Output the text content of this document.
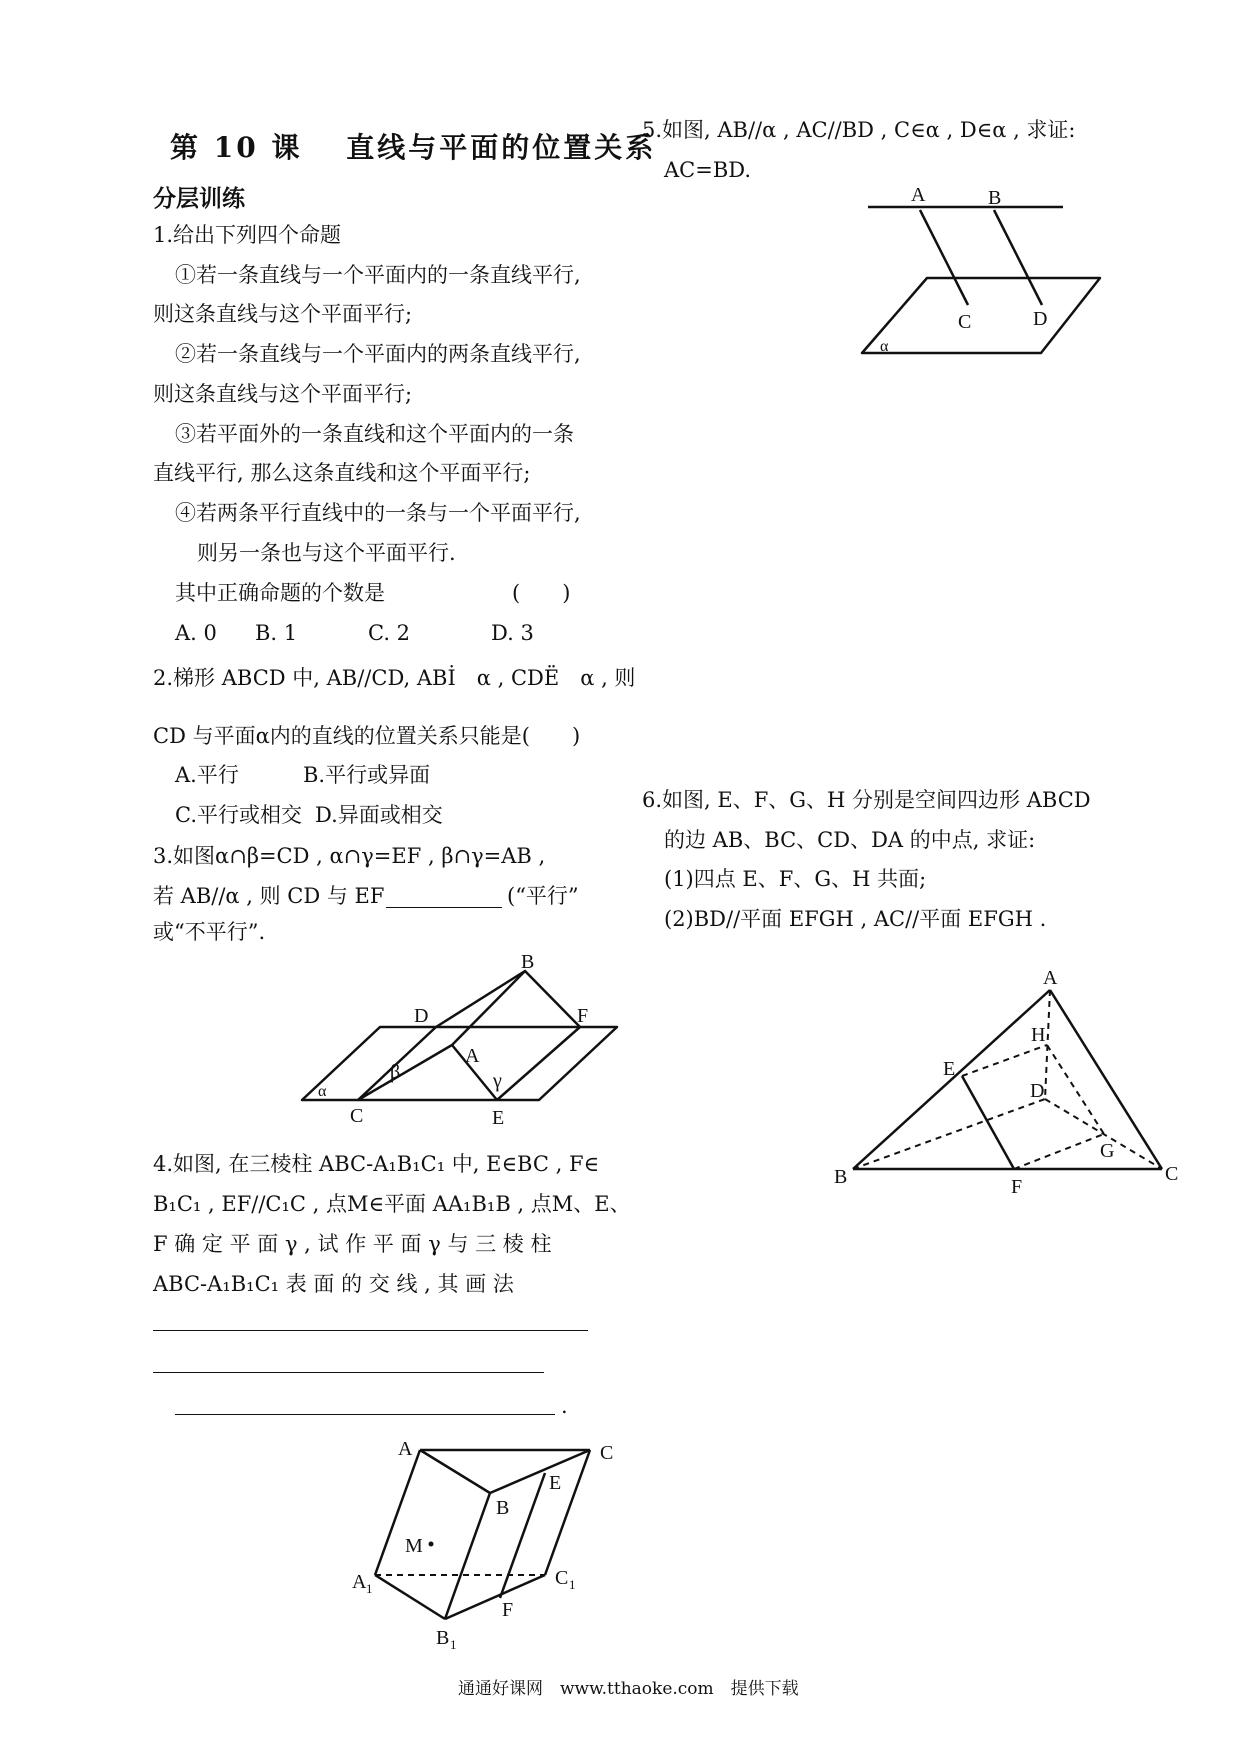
第 10 课　 直线与平面的位置关系
分层训练
1.给出下列四个命题
①若一条直线与一个平面内的一条直线平行,
则这条直线与这个平面平行;
②若一条直线与一个平面内的两条直线平行,
则这条直线与这个平面平行;
③若平面外的一条直线和这个平面内的一条
直线平行, 那么这条直线和这个平面平行;
④若两条平行直线中的一条与一个平面平行,
则另一条也与这个平面平行.
其中正确命题的个数是	(　　)
A. 0 B. 1	C. 2	D. 3
2.梯形 ABCD 中, AB//CD, ABİ　α , CDË　α , 则
CD 与平面α内的直线的位置关系只能是(　　)
A.平行	B.平行或异面
C.平行或相交 D.异面或相交
3.如图α∩β=CD , α∩γ=EF , β∩γ=AB ,
若 AB//α , 则 CD 与 EF	(“平行”
或“不平行”.
B
D	F
A
β	γ
α
C	E
4.如图, 在三棱柱 ABC-A₁B₁C₁ 中, E∈BC , F∈
B₁C₁ , EF//C₁C , 点M∈平面 AA₁B₁B , 点M、E、
F 确 定 平 面 γ , 试 作 平 面 γ 与 三 棱 柱
ABC-A₁B₁C₁ 表 面 的 交 线 , 其 画 法
.
A	C
E
B
M
A 1	C 1
F
B 1
5.如图, AB//α , AC//BD , C∈α , D∈α , 求证:
AC=BD.
A	B
C	D
α
6.如图, E、F、G、H 分别是空间四边形 ABCD
的边 AB、BC、CD、DA 的中点, 求证:
(1)四点 E、F、G、H 共面;
(2)BD//平面 EFGH , AC//平面 EFGH .
A
H
E
D
G
B	F
C
通通好课网　www.tthaoke.com　提供下载
